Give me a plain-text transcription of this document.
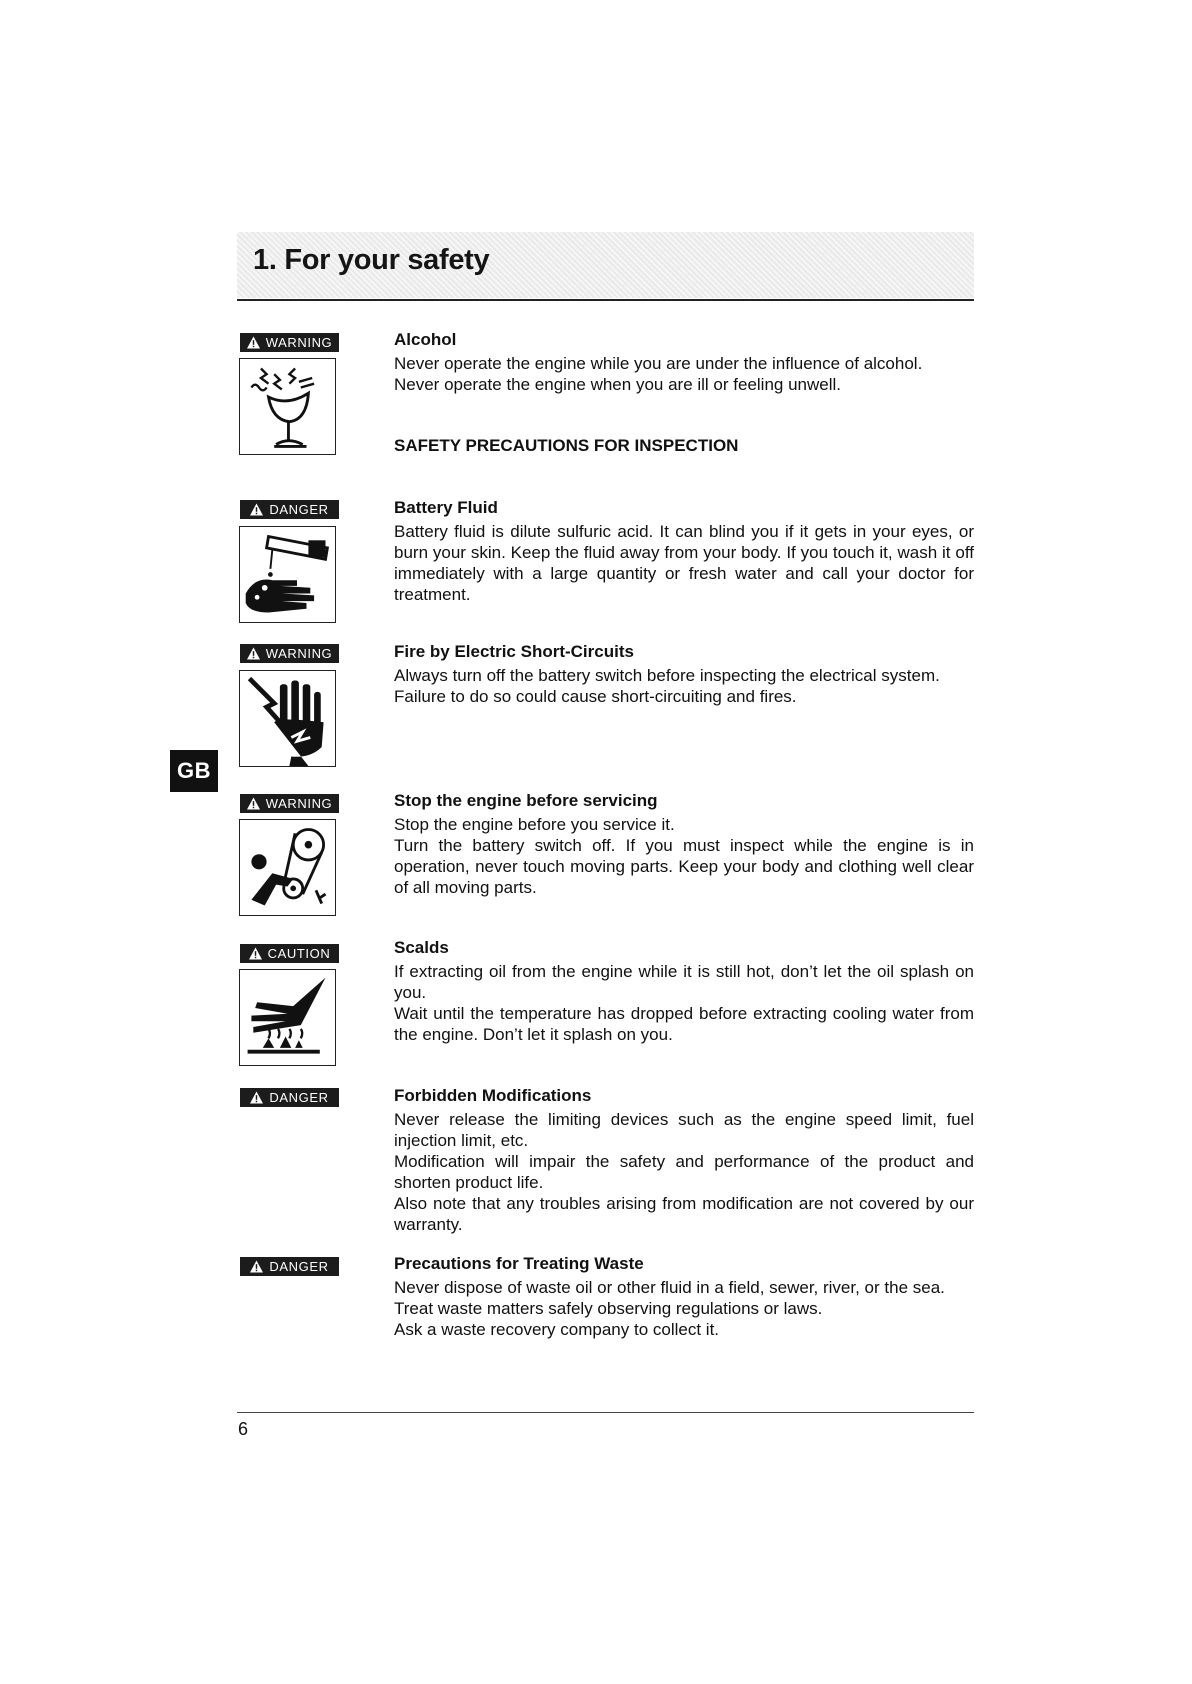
1. For your safety
GB
WARNING	Alcohol

Never operate the engine while you are under the influence of alcohol.

Never operate the engine when you are ill or feeling unwell.

SAFETY PRECAUTIONS FOR INSPECTION
DANGER	Battery Fluid

Battery fluid is dilute sulfuric acid. It can blind you if it gets in your eyes, or burn your skin. Keep the fluid away from your body. If you touch it, wash it off immediately with a large quantity or fresh water and call your doctor for treatment.

WARNING	Fire by Electric Short-Circuits

Always turn off the battery switch before inspecting the electrical system.

Failure to do so could cause short-circuiting and fires.

WARNING	Stop the engine before servicing

Stop the engine before you service it.

Turn the battery switch off. If you must inspect while the engine is in operation, never touch moving parts. Keep your body and clothing well clear of all moving parts.

CAUTION	Scalds

If extracting oil from the engine while it is still hot, don’t let the oil splash on you.

Wait until the temperature has dropped before extracting cooling water from the engine. Don’t let it splash on you.

DANGER	Forbidden Modifications

Never release the limiting devices such as the engine speed limit, fuel injection limit, etc.

Modification will impair the safety and performance of the product and shorten product life.

Also note that any troubles arising from modification are not covered by our warranty.

DANGER	Precautions for Treating Waste

Never dispose of waste oil or other fluid in a field, sewer, river, or the sea.

Treat waste matters safely observing regulations or laws.

Ask a waste recovery company to collect it.

6
